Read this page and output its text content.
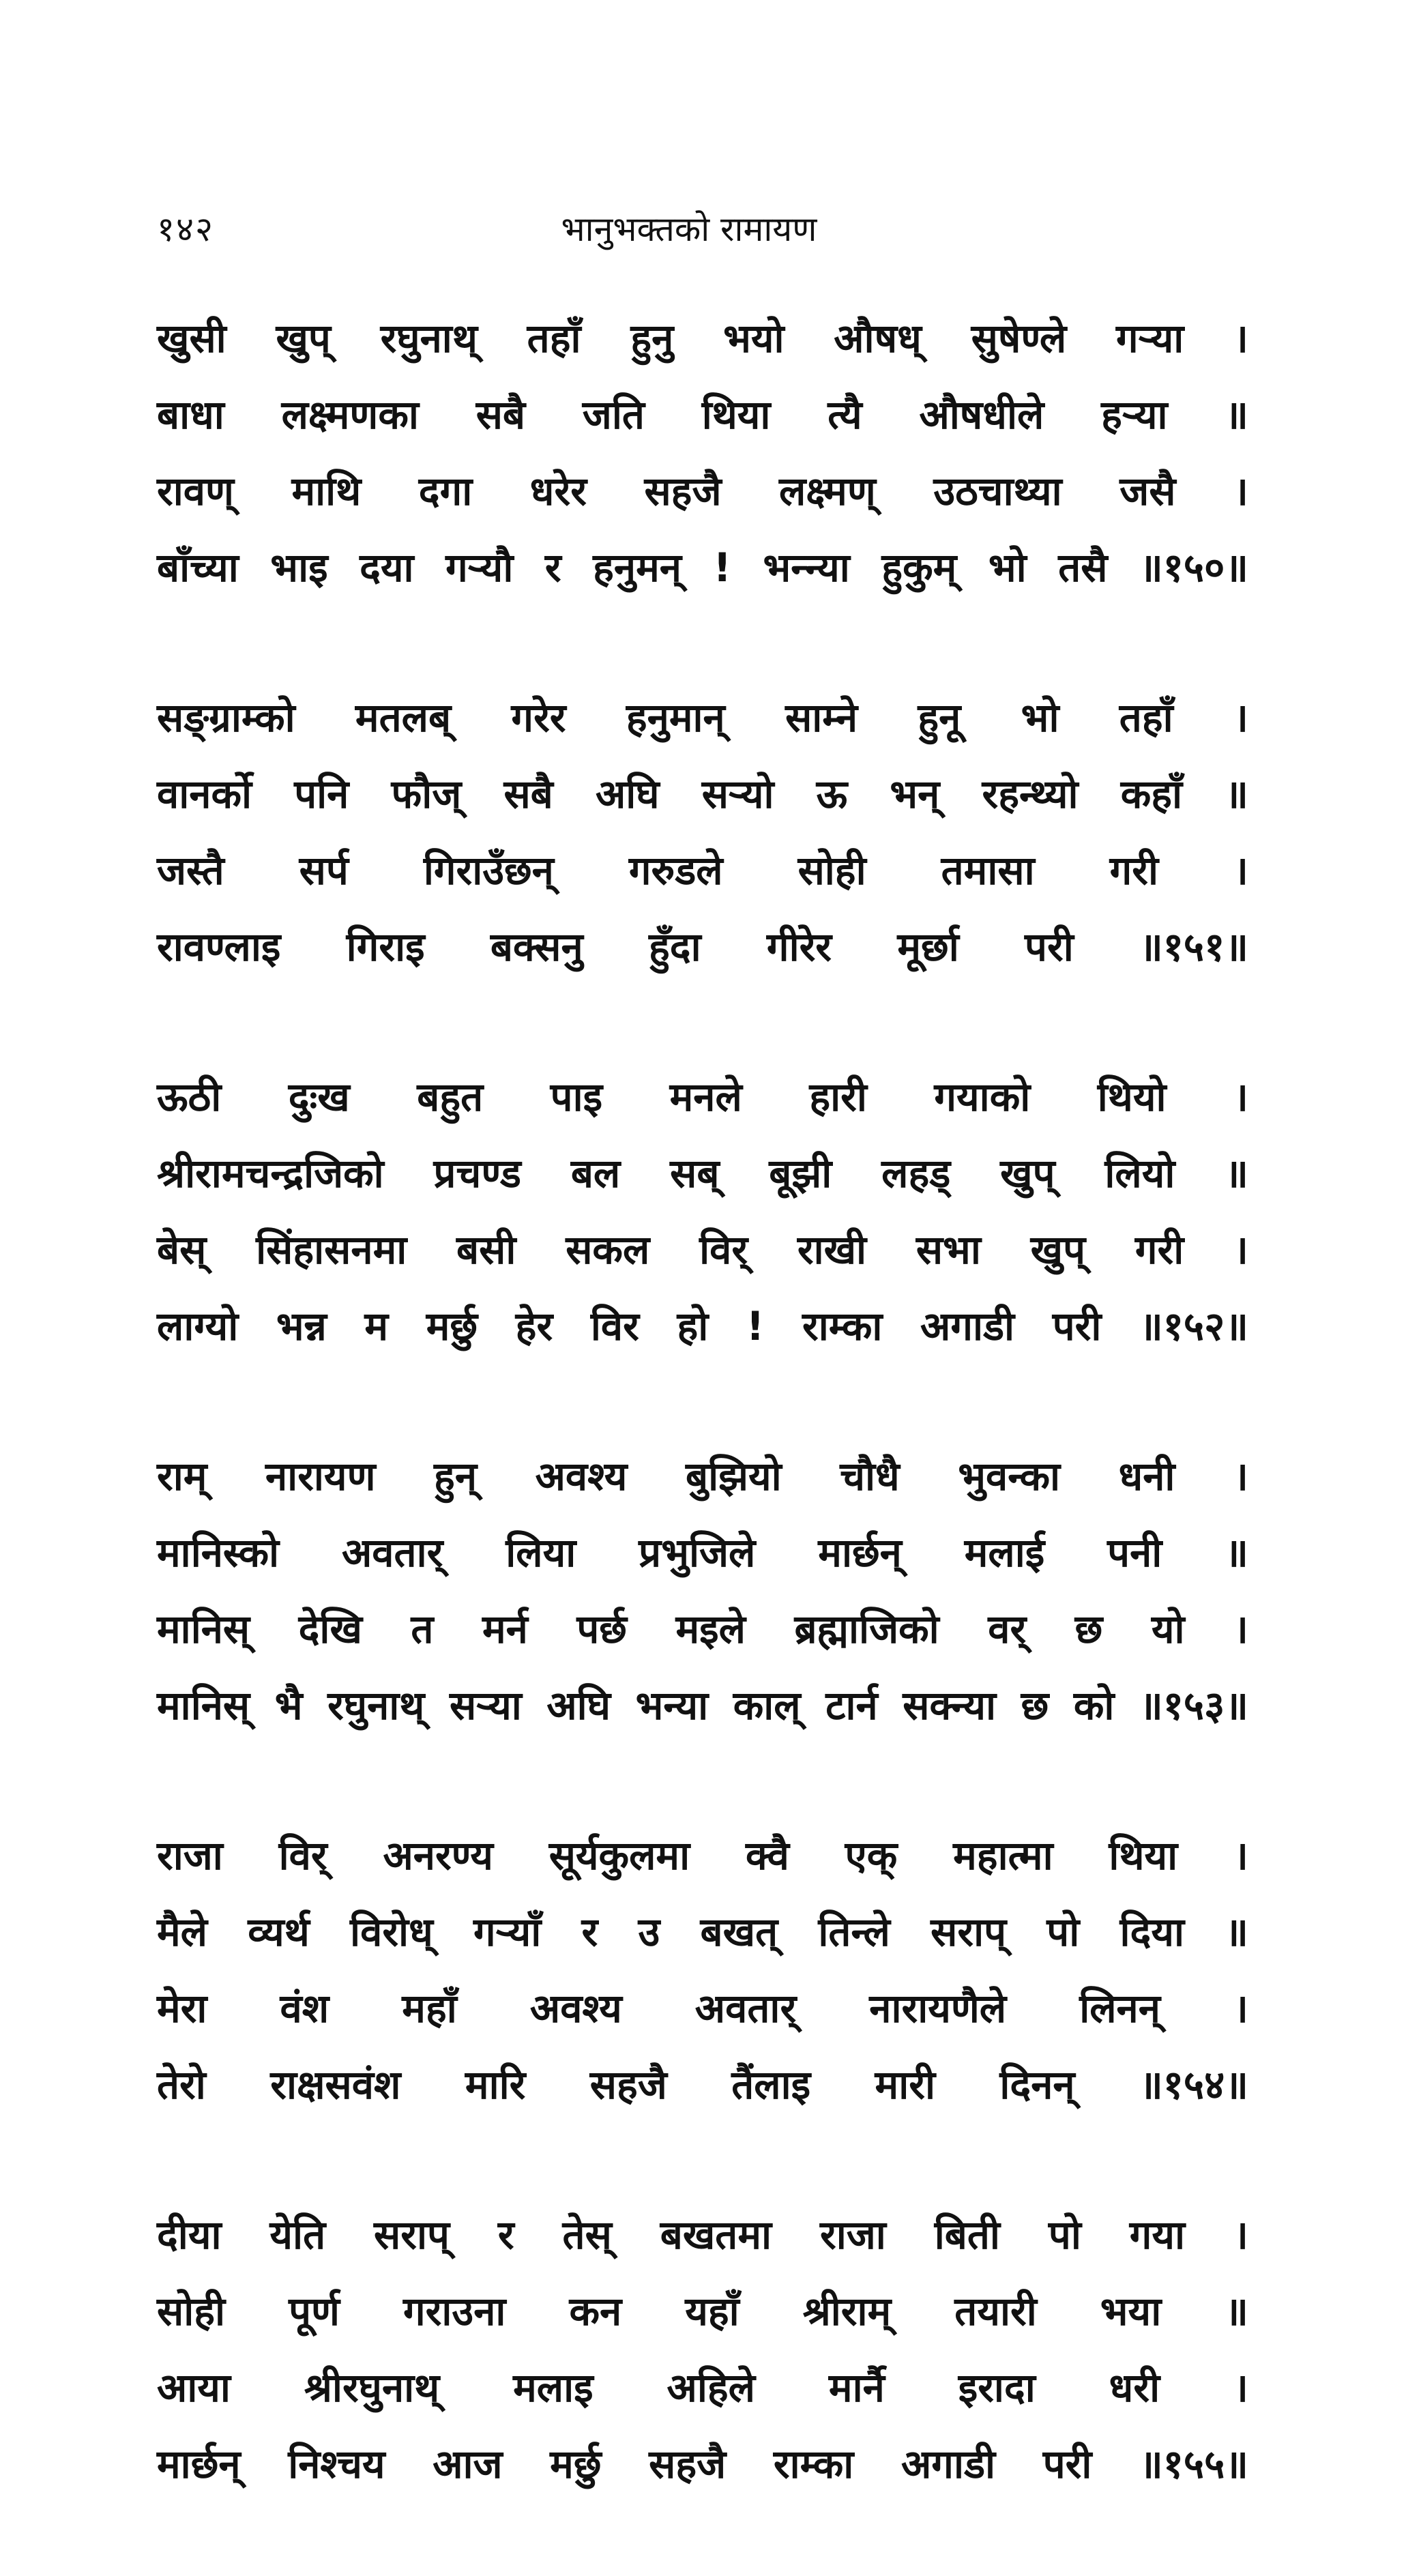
१४२	भानुभक्तको रामायण
खुसी खुप् रघुनाथ् तहाँ हुनु भयो औषध् सुषेण्ले गऱ्या ।
बाधा लक्ष्मणका सबै जति थिया त्यै औषधीले हऱ्या ॥
रावण् माथि दगा धरेर सहजै लक्ष्मण् उठचाथ्या जसै ।
बाँच्या भाइ दया गऱ्यौ र हनुमन् ! भन्न्या हुकुम् भो तसै ॥१५०॥
सङ्ग्राम्को मतलब् गरेर हनुमान् साम्ने हुनू भो तहाँ ।
वानर्को पनि फौज् सबै अघि सऱ्यो ऊ भन् रहन्थ्यो कहाँ ॥
जस्तै सर्प गिराउँछन् गरुडले सोही तमासा गरी ।
रावण्लाइ गिराइ बक्सनु हुँदा गीरेर मूर्छा परी ॥१५१॥
ऊठी दुःख बहुत पाइ मनले हारी गयाको थियो ।
श्रीरामचन्द्रजिको प्रचण्ड बल सब् बूझी लहड् खुप् लियो ॥
बेस् सिंहासनमा बसी सकल विर् राखी सभा खुप् गरी ।
लाग्यो भन्न म मर्छु हेर विर हो ! राम्का अगाडी परी ॥१५२॥
राम् नारायण हुन् अवश्य बुझियो चौधै भुवन्का धनी ।
मानिस्को अवतार् लिया प्रभुजिले मार्छन् मलाई पनी ॥
मानिस् देखि त मर्न पर्छ मइले ब्रह्माजिको वर् छ यो ।
मानिस् भै रघुनाथ् सऱ्या अघि भन्या काल् टार्न सक्न्या छ को ॥१५३॥
राजा विर् अनरण्य सूर्यकुलमा क्वै एक् महात्मा थिया ।
मैले व्यर्थ विरोध् गऱ्याँ र उ बखत् तिन्ले सराप् पो दिया ॥
मेरा वंश महाँ अवश्य अवतार् नारायणैले लिनन् ।
तेरो राक्षसवंश मारि सहजै तैंलाइ मारी दिनन् ॥१५४॥
दीया येति सराप् र तेस् बखतमा राजा बिती पो गया ।
सोही पूर्ण गराउना कन यहाँ श्रीराम् तयारी भया ॥
आया श्रीरघुनाथ् मलाइ अहिले मार्नै इरादा धरी ।
मार्छन् निश्चय आज मर्छु सहजै राम्का अगाडी परी ॥१५५॥
